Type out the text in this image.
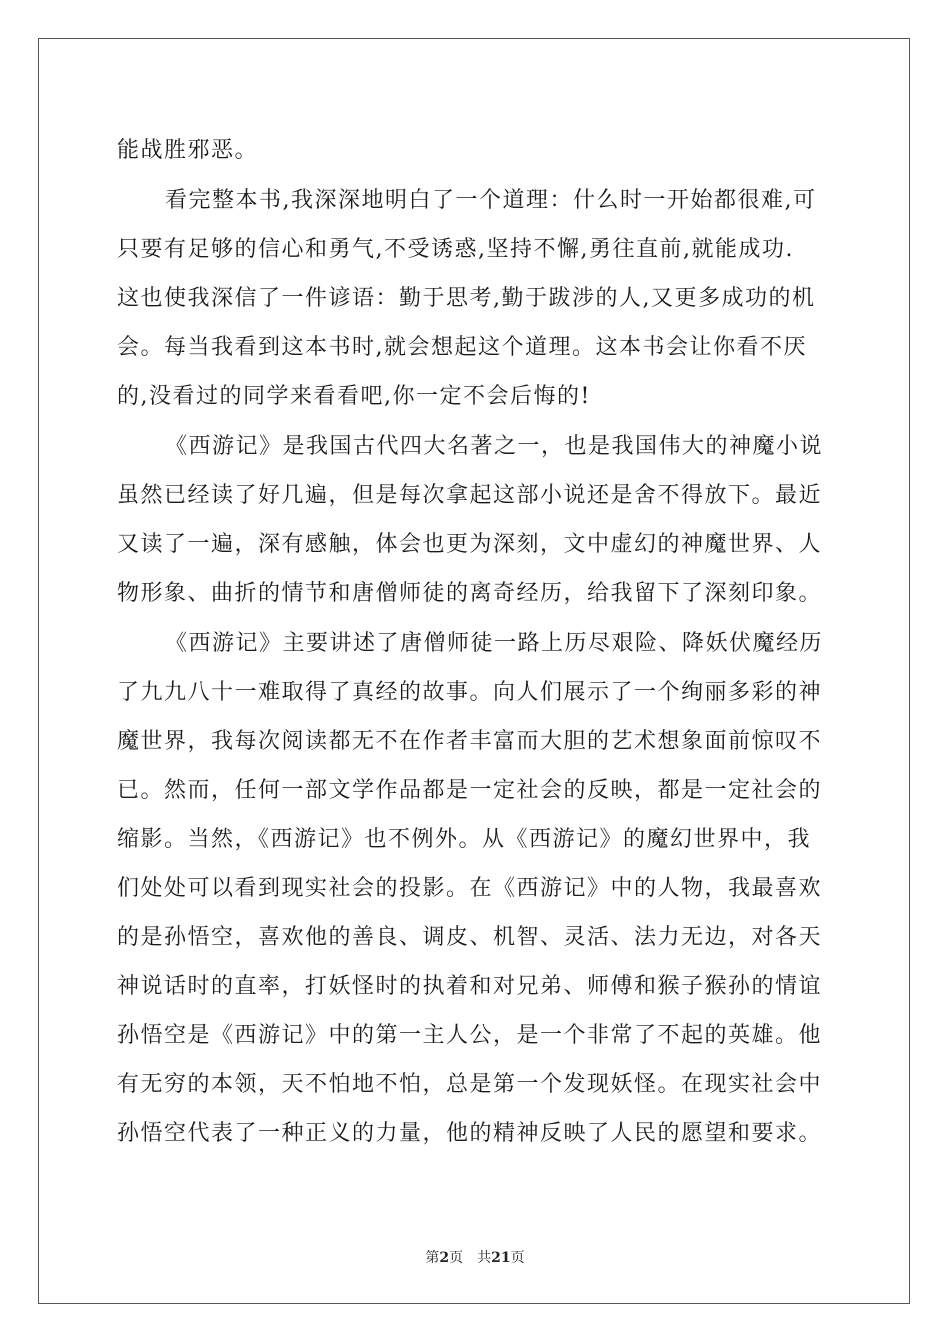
能战胜邪恶。
看完整本书,我深深地明白了一个道理：什么时一开始都很难,可
只要有足够的信心和勇气,不受诱惑,坚持不懈,勇往直前,就能成功.
这也使我深信了一件谚语：勤于思考,勤于跋涉的人,又更多成功的机
会。每当我看到这本书时,就会想起这个道理。这本书会让你看不厌
的,没看过的同学来看看吧,你一定不会后悔的!
《西游记》是我国古代四大名著之一，也是我国伟大的神魔小说
虽然已经读了好几遍，但是每次拿起这部小说还是舍不得放下。最近
又读了一遍，深有感触，体会也更为深刻，文中虚幻的神魔世界、人
物形象、曲折的情节和唐僧师徒的离奇经历，给我留下了深刻印象。
《西游记》主要讲述了唐僧师徒一路上历尽艰险、降妖伏魔经历
了九九八十一难取得了真经的故事。向人们展示了一个绚丽多彩的神
魔世界，我每次阅读都无不在作者丰富而大胆的艺术想象面前惊叹不
已。然而，任何一部文学作品都是一定社会的反映，都是一定社会的
缩影。当然，《西游记》也不例外。从《西游记》的魔幻世界中，我
们处处可以看到现实社会的投影。在《西游记》中的人物，我最喜欢
的是孙悟空，喜欢他的善良、调皮、机智、灵活、法力无边，对各天
神说话时的直率，打妖怪时的执着和对兄弟、师傅和猴子猴孙的情谊
孙悟空是《西游记》中的第一主人公，是一个非常了不起的英雄。他
有无穷的本领，天不怕地不怕，总是第一个发现妖怪。在现实社会中
孙悟空代表了一种正义的力量，他的精神反映了人民的愿望和要求。
第2页 共21页
